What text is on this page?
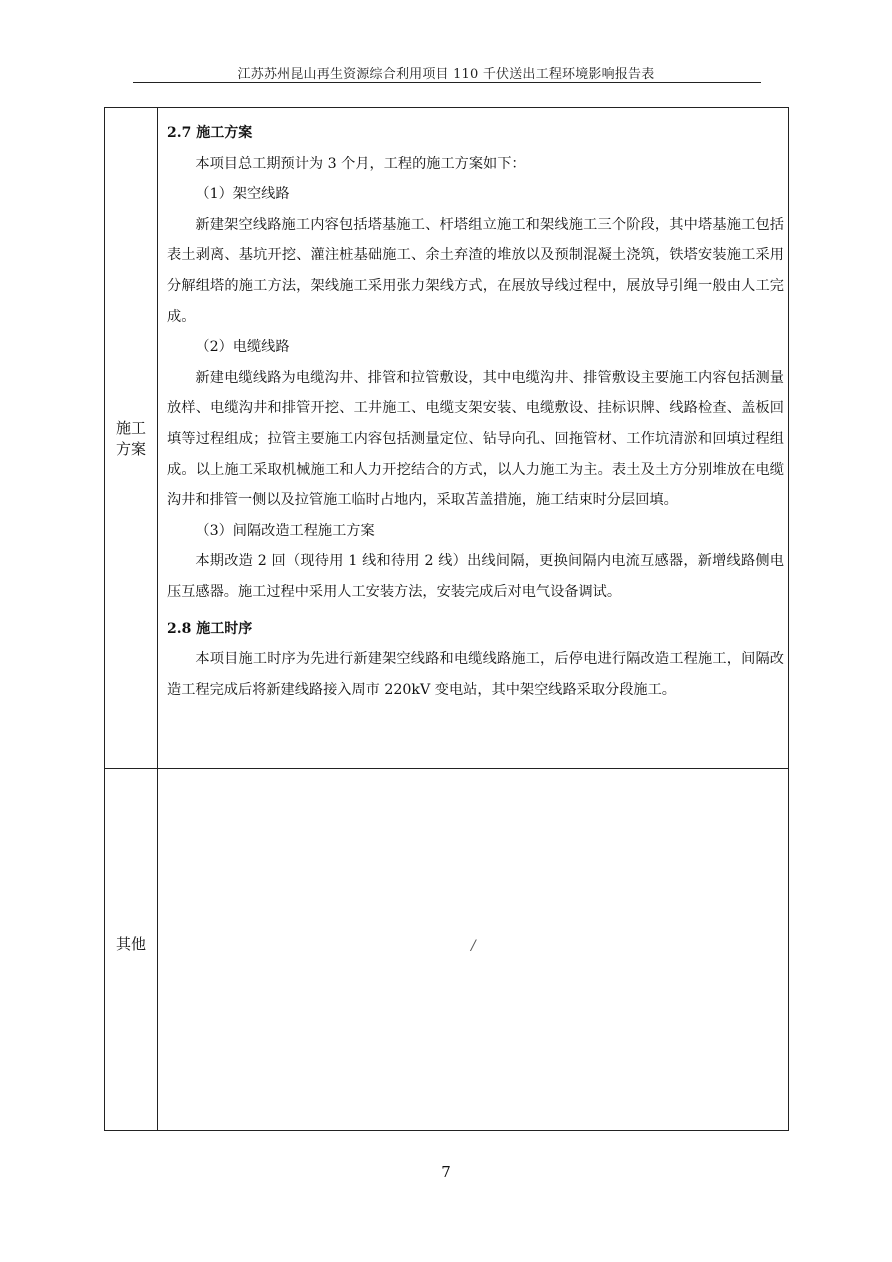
江苏苏州昆山再生资源综合利用项目 110 千伏送出工程环境影响报告表
施工
方案

2.7 施工方案

本项目总工期预计为 3 个月，工程的施工方案如下：

（1）架空线路

新建架空线路施工内容包括塔基施工、杆塔组立施工和架线施工三个阶段，其中塔基施工包括表土剥离、基坑开挖、灌注桩基础施工、余土弃渣的堆放以及预制混凝土浇筑，铁塔安装施工采用分解组塔的施工方法，架线施工采用张力架线方式，在展放导线过程中，展放导引绳一般由人工完成。

（2）电缆线路

新建电缆线路为电缆沟井、排管和拉管敷设，其中电缆沟井、排管敷设主要施工内容包括测量放样、电缆沟井和排管开挖、工井施工、电缆支架安装、电缆敷设、挂标识牌、线路检查、盖板回填等过程组成；拉管主要施工内容包括测量定位、钻导向孔、回拖管材、工作坑清淤和回填过程组成。以上施工采取机械施工和人力开挖结合的方式，以人力施工为主。表土及土方分别堆放在电缆沟井和排管一侧以及拉管施工临时占地内，采取苫盖措施，施工结束时分层回填。

（3）间隔改造工程施工方案

本期改造 2 回（现待用 1 线和待用 2 线）出线间隔，更换间隔内电流互感器，新增线路侧电压互感器。施工过程中采用人工安装方法，安装完成后对电气设备调试。

2.8 施工时序

本项目施工时序为先进行新建架空线路和电缆线路施工，后停电进行隔改造工程施工，间隔改造工程完成后将新建线路接入周市 220kV 变电站，其中架空线路采取分段施工。

其他	/
7
